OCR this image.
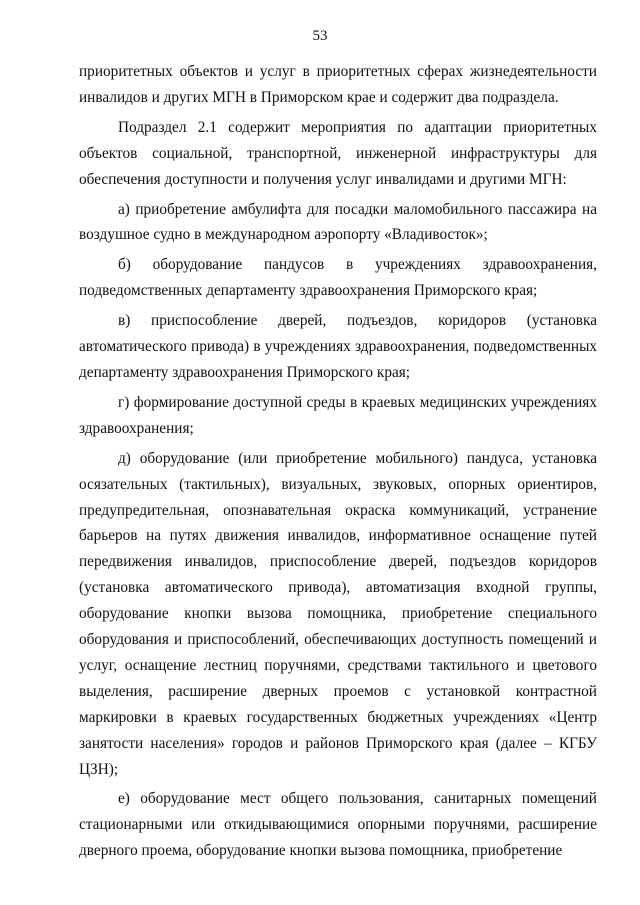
53

приоритетных объектов и услуг в приоритетных сферах жизнедеятельности инвалидов и других МГН в Приморском крае и содержит два подраздела.

Подраздел 2.1 содержит мероприятия по адаптации приоритетных объектов социальной, транспортной, инженерной инфраструктуры для обеспечения доступности и получения услуг инвалидами и другими МГН:

а) приобретение амбулифта для посадки маломобильного пассажира на воздушное судно в международном аэропорту «Владивосток»;

б) оборудование пандусов в учреждениях здравоохранения, подведомственных департаменту здравоохранения Приморского края;

в) приспособление дверей, подъездов, коридоров (установка автоматического привода) в учреждениях здравоохранения, подведомственных департаменту здравоохранения Приморского края;

г) формирование доступной среды в краевых медицинских учреждениях здравоохранения;

д) оборудование (или приобретение мобильного) пандуса, установка осязательных (тактильных), визуальных, звуковых, опорных ориентиров, предупредительная, опознавательная окраска коммуникаций, устранение барьеров на путях движения инвалидов, информативное оснащение путей передвижения инвалидов, приспособление дверей, подъездов коридоров (установка автоматического привода), автоматизация входной группы, оборудование кнопки вызова помощника, приобретение специального оборудования и приспособлений, обеспечивающих доступность помещений и услуг, оснащение лестниц поручнями, средствами тактильного и цветового выделения, расширение дверных проемов с установкой контрастной маркировки в краевых государственных бюджетных учреждениях «Центр занятости населения» городов и районов Приморского края (далее – КГБУ ЦЗН);

е) оборудование мест общего пользования, санитарных помещений стационарными или откидывающимися опорными поручнями, расширение дверного проема, оборудование кнопки вызова помощника, приобретение
